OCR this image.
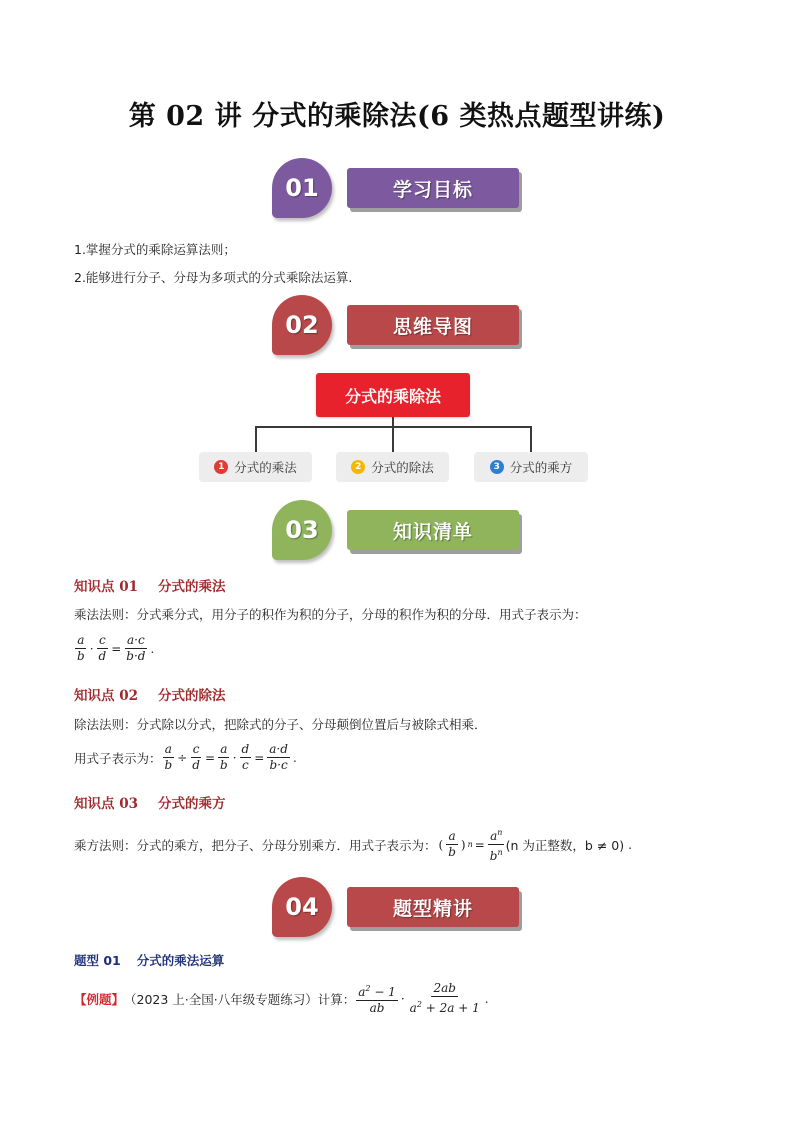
第 02 讲 分式的乘除法(6 类热点题型讲练)
01	学习目标
1.掌握分式的乘除运算法则；
2.能够进行分子、分母为多项式的分式乘除法运算.
02	思维导图
分式的乘除法
1 分式的乘法	2 分式的除法	3 分式的乘方
03	知识清单
知识点 01 分式的乘法
乘法法则：分式乘分式，用分子的积作为积的分子，分母的积作为积的分母．用式子表示为：
$\frac{a}{b} \cdot \frac{c}{d} = \frac{a\cdot c}{b\cdot d}$ .
知识点 02 分式的除法
除法法则：分式除以分式，把除式的分子、分母颠倒位置后与被除式相乘．
用式子表示为： $\frac{a}{b} \div \frac{c}{d} = \frac{a}{b} \cdot \frac{d}{c} = \frac{a\cdot d}{b\cdot c}$ .
知识点 03 分式的乘方
乘方法则：分式的乘方，把分子、分母分别乘方．用式子表示为： ( $\frac{a}{b}$ ) $n = \frac{a^n}{b^n} (n$ 为正整数，b ≠ 0) .
04	题型精讲
题型 01 分式的乘法运算
【例题】 （2023 上·全国·八年级专题练习）计算： $\frac{a^2 - 1}{ab} \cdot \frac{2ab}{a^2 + 2a + 1}$ .
